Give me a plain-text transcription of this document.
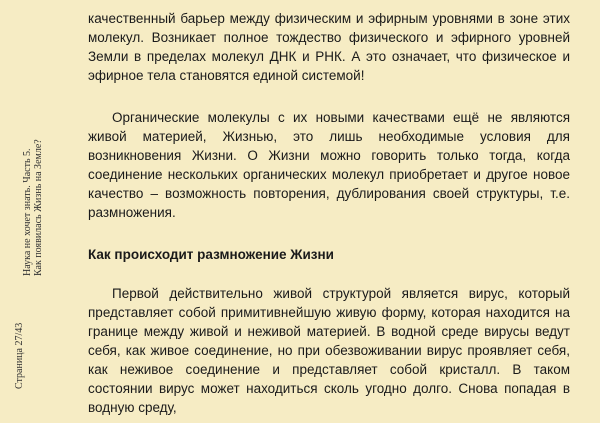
Страница 27/43
Наука не хочет знать. Часть 5. Как появилась Жизнь на Земле?

качественный барьер между физическим и эфирным уровнями в зоне этих молекул. Возникает полное тождество физического и эфирного уровней Земли в пределах молекул ДНК и РНК. А это означает, что физическое и эфирное тела становятся единой системой!

Органические молекулы с их новыми качествами ещё не являются живой материей, Жизнью, это лишь необходимые условия для возникновения Жизни. О Жизни можно говорить только тогда, когда соединение нескольких органических молекул приобретает и другое новое качество – возможность повторения, дублирования своей структуры, т.е. размножения.

Как происходит размножение Жизни

Первой действительно живой структурой является вирус, который представляет собой примитивнейшую живую форму, которая находится на границе между живой и неживой материей. В водной среде вирусы ведут себя, как живое соединение, но при обезвоживании вирус проявляет себя, как неживое соединение и представляет собой кристалл. В таком состоянии вирус может находиться сколь угодно долго. Снова попадая в водную среду,
